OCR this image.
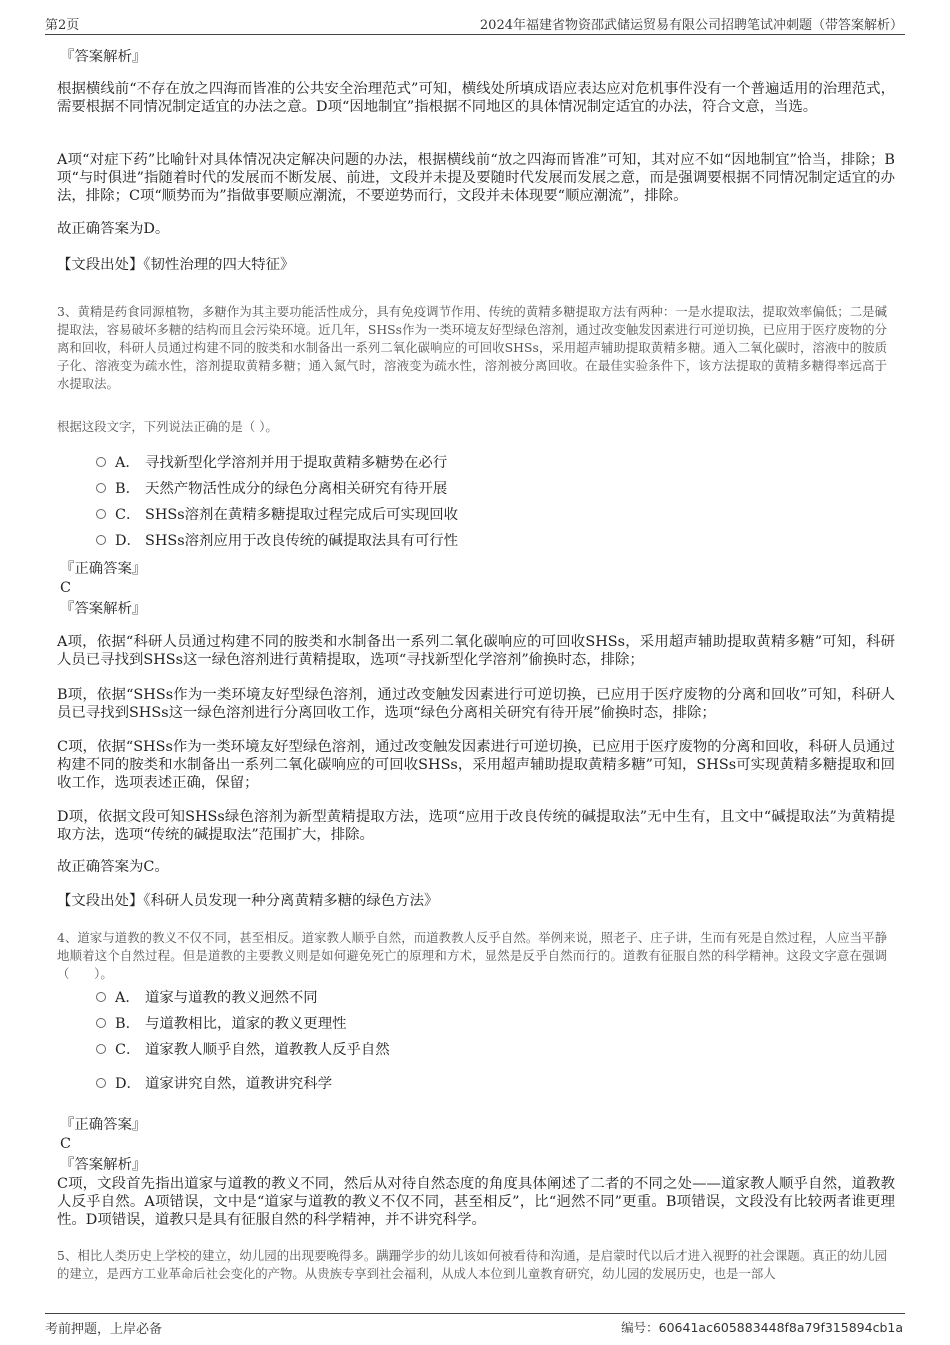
第2页	2024年福建省物资邵武储运贸易有限公司招聘笔试冲刺题（带答案解析）
『答案解析』
根据横线前“不存在放之四海而皆准的公共安全治理范式”可知，横线处所填成语应表达应对危机事件没有一个普遍适用的治理范式，需要根据不同情况制定适宜的办法之意。D项“因地制宜”指根据不同地区的具体情况制定适宜的办法，符合文意，当选。
A项“对症下药”比喻针对具体情况决定解决问题的办法，根据横线前“放之四海而皆准”可知，其对应不如“因地制宜”恰当，排除；B项“与时俱进”指随着时代的发展而不断发展、前进，文段并未提及要随时代发展而发展之意，而是强调要根据不同情况制定适宜的办法，排除；C项“顺势而为”指做事要顺应潮流，不要逆势而行，文段并未体现要“顺应潮流”，排除。
故正确答案为D。
【文段出处】《韧性治理的四大特征》
3、黄精是药食同源植物，多糖作为其主要功能活性成分，具有免疫调节作用、传统的黄精多糖提取方法有两种：一是水提取法，提取效率偏低；二是碱提取法，容易破坏多糖的结构而且会污染环境。近几年，SHSs作为一类环境友好型绿色溶剂，通过改变触发因素进行可逆切换，已应用于医疗废物的分离和回收，科研人员通过构建不同的胺类和水制备出一系列二氧化碳响应的可回收SHSs，采用超声辅助提取黄精多糖。通入二氧化碳时，溶液中的胺质子化、溶液变为疏水性，溶剂提取黄精多糖；通入氮气时，溶液变为疏水性，溶剂被分离回收。在最佳实验条件下，该方法提取的黄精多糖得率远高于水提取法。
根据这段文字，下列说法正确的是（ ）。
A． 寻找新型化学溶剂并用于提取黄精多糖势在必行
B． 天然产物活性成分的绿色分离相关研究有待开展
C． SHSs溶剂在黄精多糖提取过程完成后可实现回收
D． SHSs溶剂应用于改良传统的碱提取法具有可行性
『正确答案』
C
『答案解析』
A项，依据“科研人员通过构建不同的胺类和水制备出一系列二氧化碳响应的可回收SHSs，采用超声辅助提取黄精多糖”可知，科研人员已寻找到SHSs这一绿色溶剂进行黄精提取，选项“寻找新型化学溶剂”偷换时态，排除；
B项，依据“SHSs作为一类环境友好型绿色溶剂，通过改变触发因素进行可逆切换，已应用于医疗废物的分离和回收”可知，科研人员已寻找到SHSs这一绿色溶剂进行分离回收工作，选项“绿色分离相关研究有待开展”偷换时态，排除；
C项，依据“SHSs作为一类环境友好型绿色溶剂，通过改变触发因素进行可逆切换，已应用于医疗废物的分离和回收，科研人员通过构建不同的胺类和水制备出一系列二氧化碳响应的可回收SHSs，采用超声辅助提取黄精多糖”可知，SHSs可实现黄精多糖提取和回收工作，选项表述正确，保留；
D项，依据文段可知SHSs绿色溶剂为新型黄精提取方法，选项“应用于改良传统的碱提取法”无中生有，且文中“碱提取法”为黄精提取方法，选项“传统的碱提取法”范围扩大，排除。
故正确答案为C。
【文段出处】《科研人员发现一种分离黄精多糖的绿色方法》
4、道家与道教的教义不仅不同，甚至相反。道家教人顺乎自然，而道教教人反乎自然。举例来说，照老子、庄子讲，生而有死是自然过程，人应当平静地顺着这个自然过程。但是道教的主要教义则是如何避免死亡的原理和方术，显然是反乎自然而行的。道教有征服自然的科学精神。这段文字意在强调（　　）。
A． 道家与道教的教义迥然不同
B． 与道教相比，道家的教义更理性
C． 道家教人顺乎自然，道教教人反乎自然
D． 道家讲究自然，道教讲究科学
『正确答案』
C
『答案解析』
C项，文段首先指出道家与道教的教义不同，然后从对待自然态度的角度具体阐述了二者的不同之处——道家教人顺乎自然，道教教人反乎自然。A项错误，文中是“道家与道教的教义不仅不同，甚至相反”，比“迥然不同”更重。B项错误，文段没有比较两者谁更理性。D项错误，道教只是具有征服自然的科学精神，并不讲究科学。
5、相比人类历史上学校的建立，幼儿园的出现要晚得多。蹒跚学步的幼儿该如何被看待和沟通，是启蒙时代以后才进入视野的社会课题。真正的幼儿园的建立，是西方工业革命后社会变化的产物。从贵族专享到社会福利，从成人本位到儿童教育研究，幼儿园的发展历史，也是一部人
考前押题，上岸必备	编号：60641ac605883448f8a79f315894cb1a
